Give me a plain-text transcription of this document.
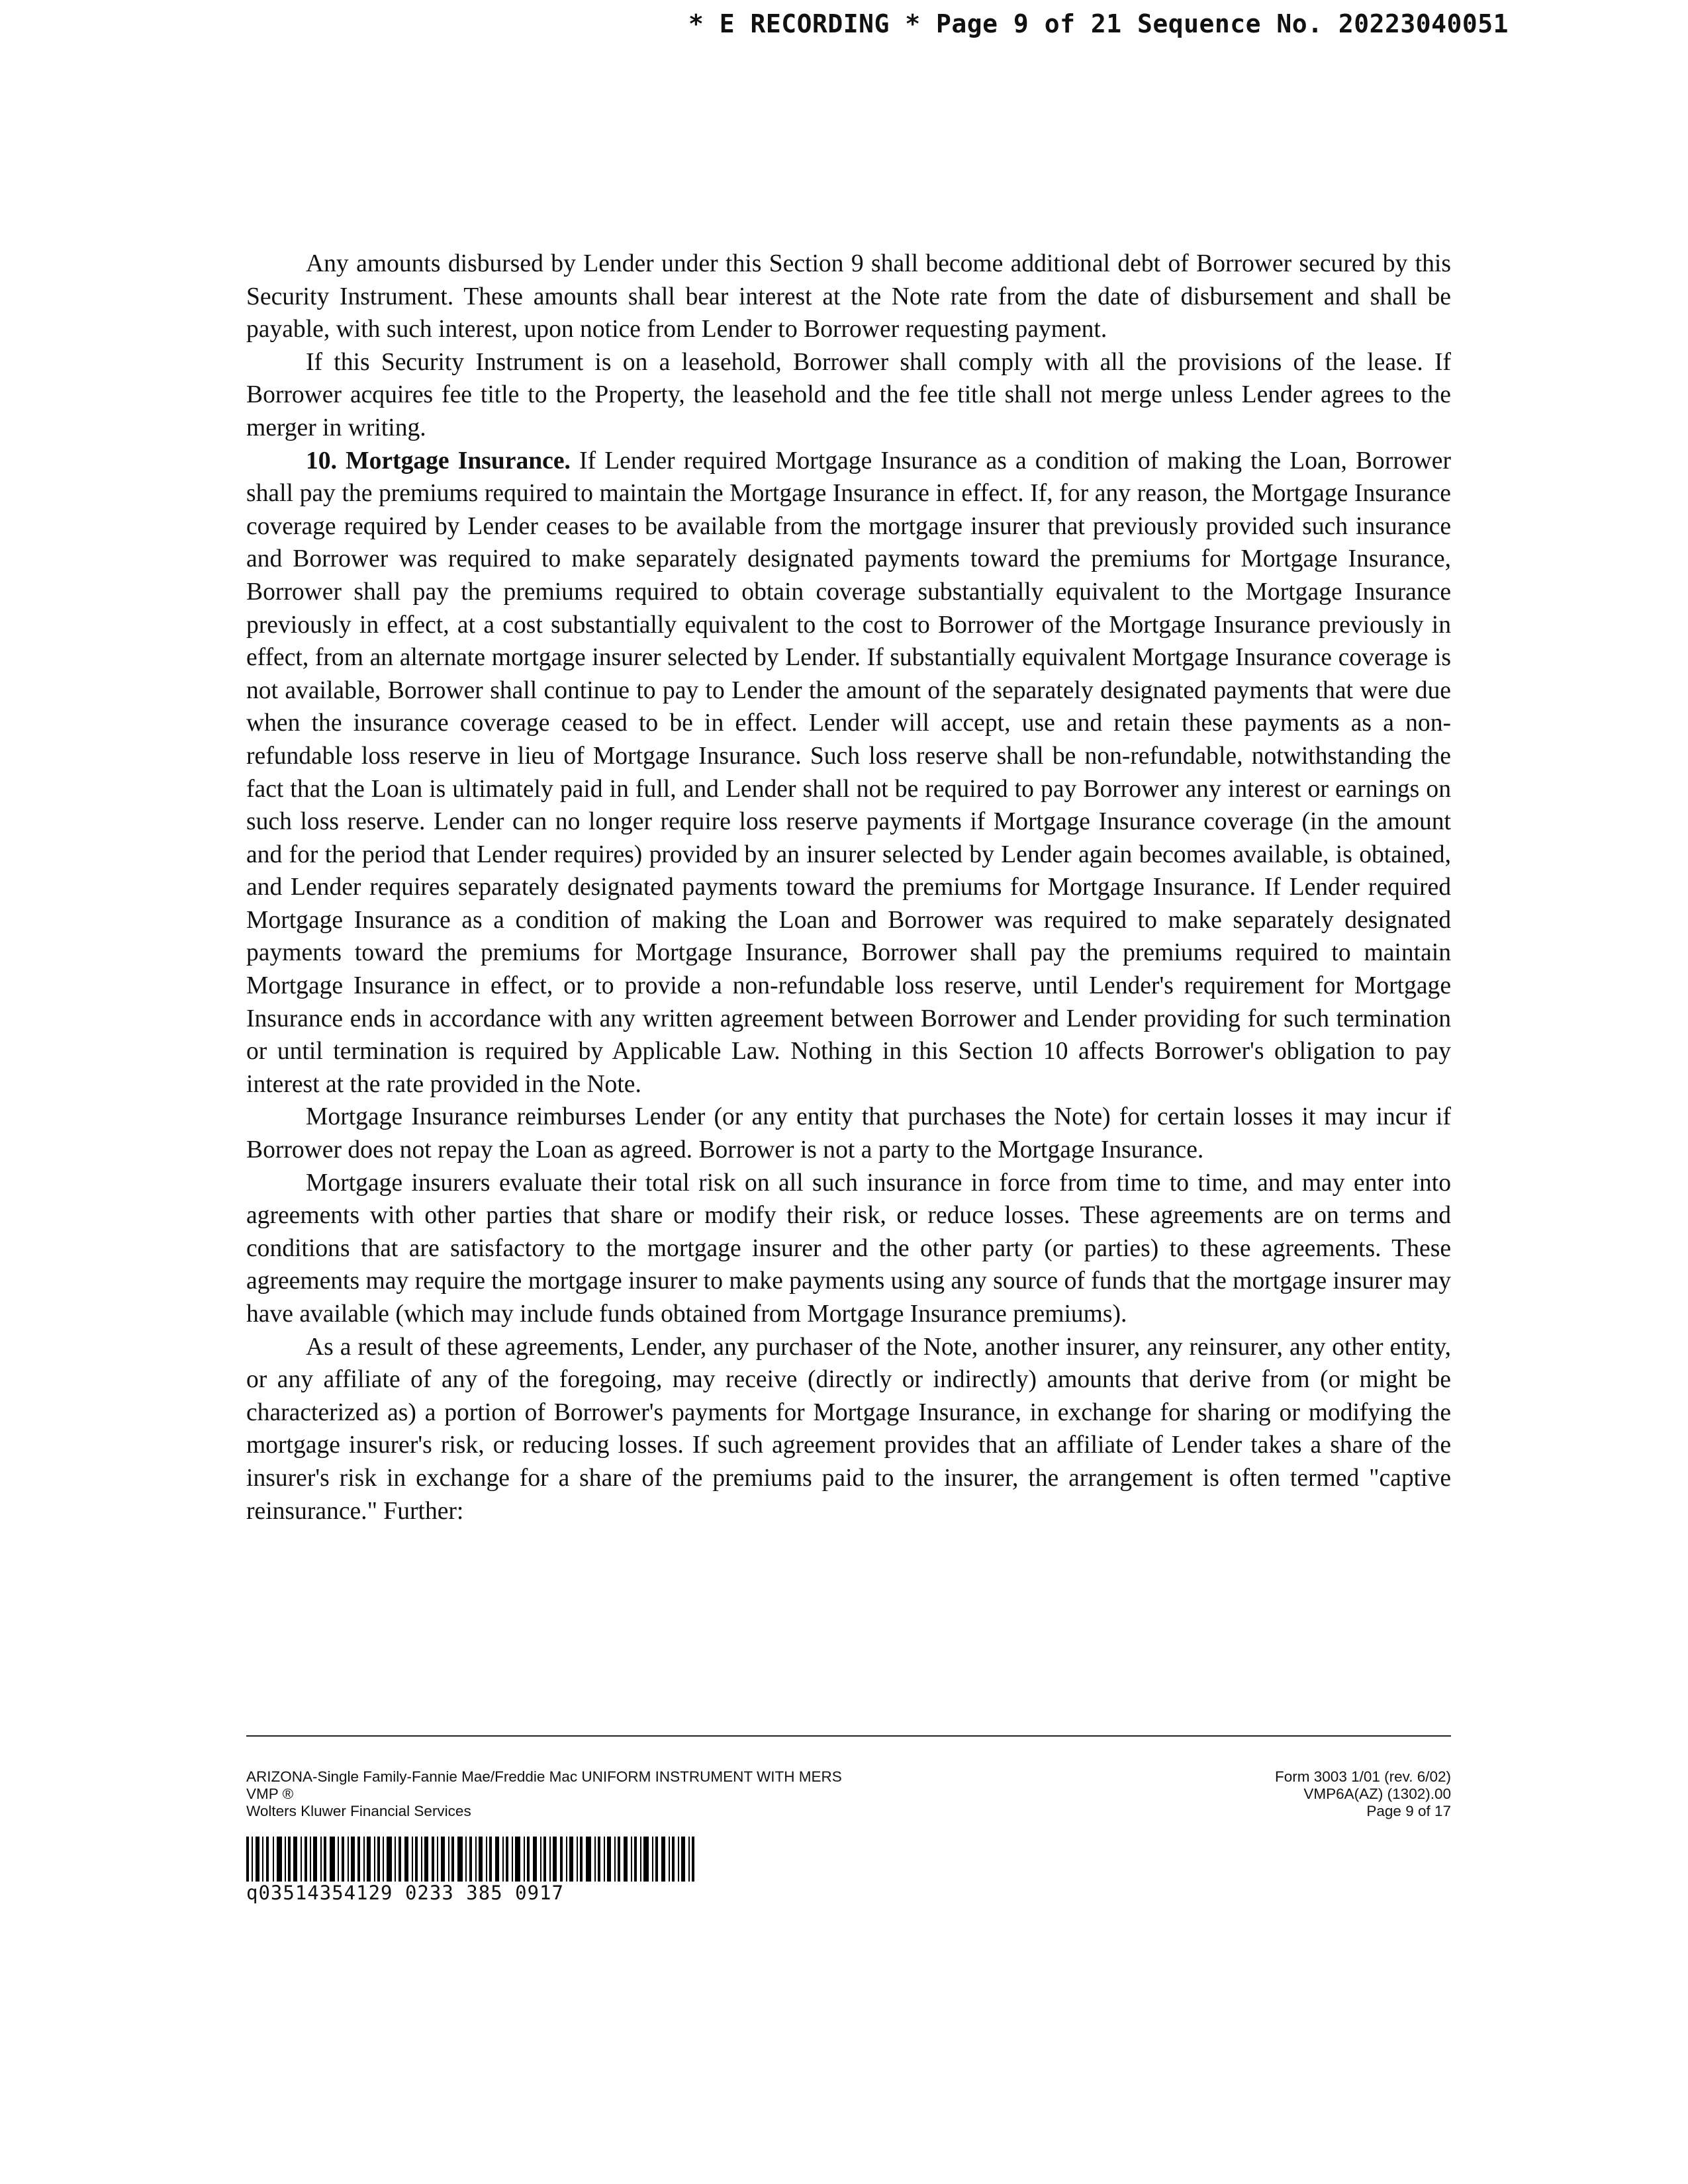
* E RECORDING * Page 9 of 21 Sequence No. 20223040051

Any amounts disbursed by Lender under this Section 9 shall become additional debt of Borrower secured by this Security Instrument. These amounts shall bear interest at the Note rate from the date of disbursement and shall be payable, with such interest, upon notice from Lender to Borrower requesting payment.

If this Security Instrument is on a leasehold, Borrower shall comply with all the provisions of the lease. If Borrower acquires fee title to the Property, the leasehold and the fee title shall not merge unless Lender agrees to the merger in writing.

10. Mortgage Insurance. If Lender required Mortgage Insurance as a condition of making the Loan, Borrower shall pay the premiums required to maintain the Mortgage Insurance in effect. If, for any reason, the Mortgage Insurance coverage required by Lender ceases to be available from the mortgage insurer that previously provided such insurance and Borrower was required to make separately designated payments toward the premiums for Mortgage Insurance, Borrower shall pay the premiums required to obtain coverage substantially equivalent to the Mortgage Insurance previously in effect, at a cost substantially equivalent to the cost to Borrower of the Mortgage Insurance previously in effect, from an alternate mortgage insurer selected by Lender. If substantially equivalent Mortgage Insurance coverage is not available, Borrower shall continue to pay to Lender the amount of the separately designated payments that were due when the insurance coverage ceased to be in effect. Lender will accept, use and retain these payments as a non-refundable loss reserve in lieu of Mortgage Insurance. Such loss reserve shall be non-refundable, notwithstanding the fact that the Loan is ultimately paid in full, and Lender shall not be required to pay Borrower any interest or earnings on such loss reserve. Lender can no longer require loss reserve payments if Mortgage Insurance coverage (in the amount and for the period that Lender requires) provided by an insurer selected by Lender again becomes available, is obtained, and Lender requires separately designated payments toward the premiums for Mortgage Insurance. If Lender required Mortgage Insurance as a condition of making the Loan and Borrower was required to make separately designated payments toward the premiums for Mortgage Insurance, Borrower shall pay the premiums required to maintain Mortgage Insurance in effect, or to provide a non-refundable loss reserve, until Lender's requirement for Mortgage Insurance ends in accordance with any written agreement between Borrower and Lender providing for such termination or until termination is required by Applicable Law. Nothing in this Section 10 affects Borrower's obligation to pay interest at the rate provided in the Note.

Mortgage Insurance reimburses Lender (or any entity that purchases the Note) for certain losses it may incur if Borrower does not repay the Loan as agreed. Borrower is not a party to the Mortgage Insurance.

Mortgage insurers evaluate their total risk on all such insurance in force from time to time, and may enter into agreements with other parties that share or modify their risk, or reduce losses. These agreements are on terms and conditions that are satisfactory to the mortgage insurer and the other party (or parties) to these agreements. These agreements may require the mortgage insurer to make payments using any source of funds that the mortgage insurer may have available (which may include funds obtained from Mortgage Insurance premiums).

As a result of these agreements, Lender, any purchaser of the Note, another insurer, any reinsurer, any other entity, or any affiliate of any of the foregoing, may receive (directly or indirectly) amounts that derive from (or might be characterized as) a portion of Borrower's payments for Mortgage Insurance, in exchange for sharing or modifying the mortgage insurer's risk, or reducing losses. If such agreement provides that an affiliate of Lender takes a share of the insurer's risk in exchange for a share of the premiums paid to the insurer, the arrangement is often termed "captive reinsurance." Further:

ARIZONA-Single Family-Fannie Mae/Freddie Mac UNIFORM INSTRUMENT WITH MERS
VMP ®
Wolters Kluwer Financial Services
Form 3003 1/01 (rev. 6/02)
VMP6A(AZ) (1302).00
Page 9 of 17
q03514354129 0233 385 0917
